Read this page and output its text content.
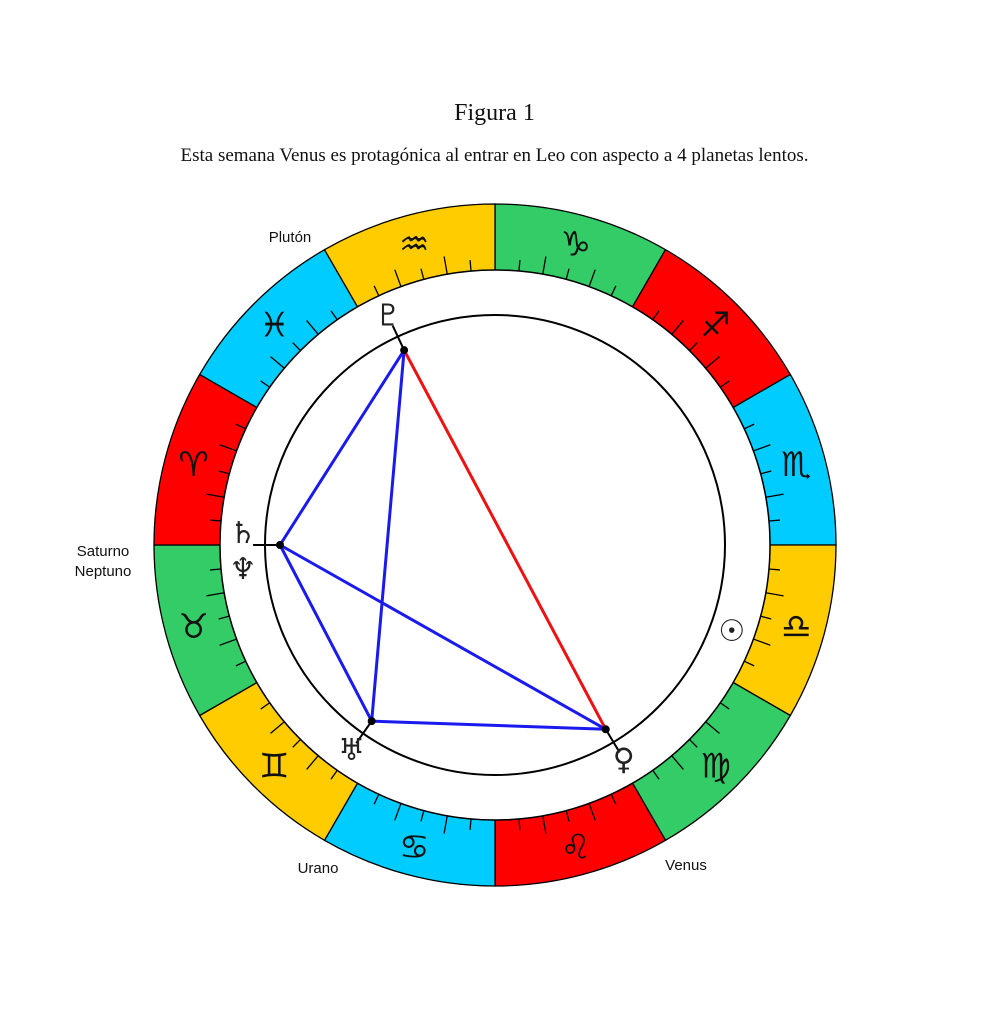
Figura 1
Esta semana Venus es protagónica al entrar en Leo con aspecto a 4 planetas lentos.
♑
♐
♏
♎
♍
♌
♋
♊
♉
♈
♓
♒
♇
♄
♆
♅	♀
☉
Plutón
Saturno
Neptuno
Urano	Venus
